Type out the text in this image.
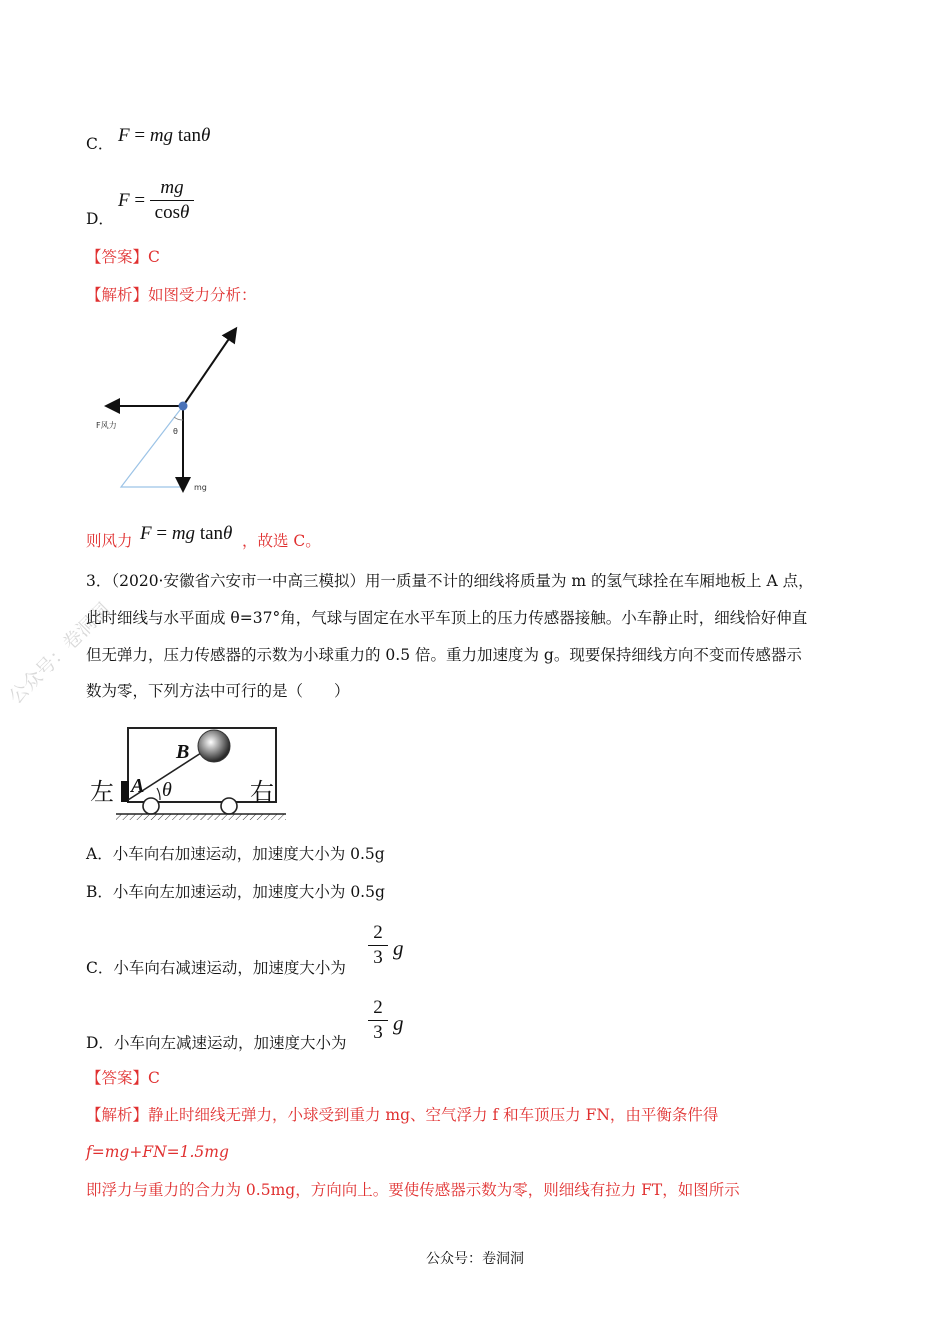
C． F = mg tanθ
D．
F =
mg
cosθ
【答案】C
【解析】如图受力分析：
F风力
θ
mg
则风力 F = mg tanθ ，故选 C。
3．（2020·安徽省六安市一中高三模拟）用一质量不计的细线将质量为 m 的氢气球拴在车厢地板上 A 点，
此时细线与水平面成 θ=37°角，气球与固定在水平车顶上的压力传感器接触。小车静止时，细线恰好伸直
但无弹力，压力传感器的示数为小球重力的 0.5 倍。重力加速度为 g。现要保持细线方向不变而传感器示
数为零，下列方法中可行的是（　　）
左	右
A
B
θ
A．小车向右加速运动，加速度大小为 0.5g
B．小车向左加速运动，加速度大小为 0.5g
C．小车向右减速运动，加速度大小为
2
3 g
D．小车向左减速运动，加速度大小为
2
3 g
【答案】C
【解析】静止时细线无弹力，小球受到重力 mg、空气浮力 f 和车顶压力 FN，由平衡条件得
f=mg+FN=1.5mg
即浮力与重力的合力为 0.5mg，方向向上。要使传感器示数为零，则细线有拉力 FT，如图所示
公众号：卷洞洞
公众号：卷洞洞
